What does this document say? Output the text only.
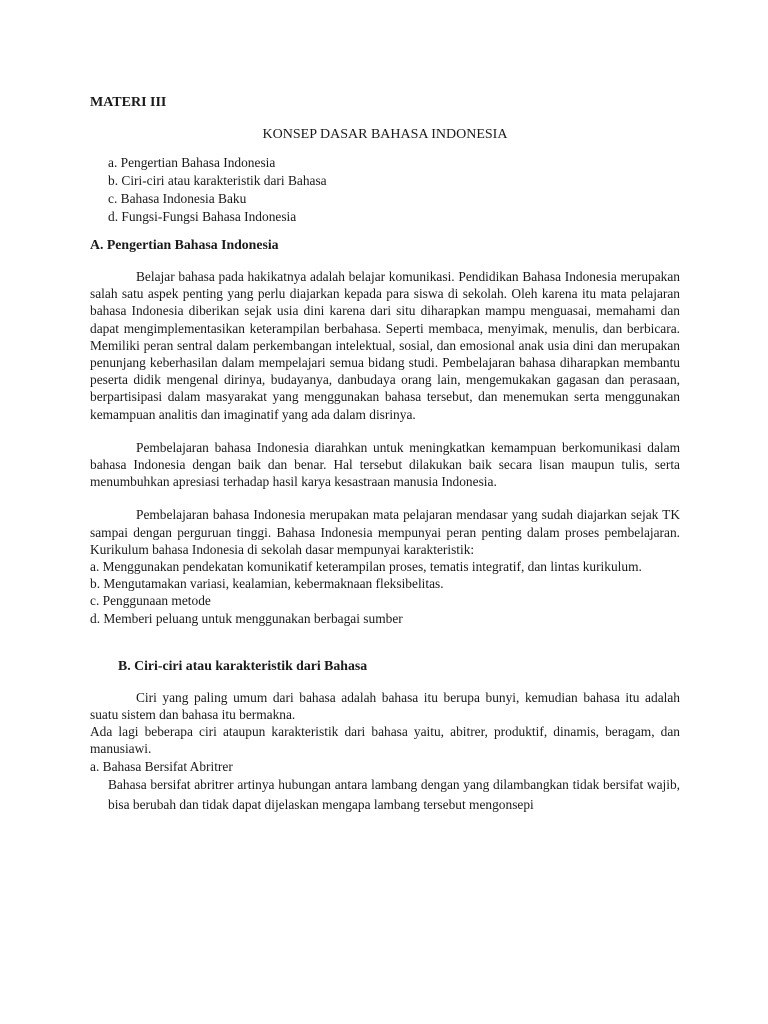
MATERI III
KONSEP DASAR BAHASA INDONESIA
a. Pengertian Bahasa Indonesia
b. Ciri-ciri atau karakteristik dari Bahasa
c. Bahasa Indonesia Baku
d. Fungsi-Fungsi Bahasa Indonesia
A. Pengertian Bahasa Indonesia

Belajar bahasa pada hakikatnya adalah belajar komunikasi. Pendidikan Bahasa Indonesia merupakan salah satu aspek penting yang perlu diajarkan kepada para siswa di sekolah. Oleh karena itu mata pelajaran bahasa Indonesia diberikan sejak usia dini karena dari situ diharapkan mampu menguasai, memahami dan dapat mengimplementasikan keterampilan berbahasa. Seperti membaca, menyimak, menulis, dan berbicara. Memiliki peran sentral dalam perkembangan intelektual, sosial, dan emosional anak usia dini dan merupakan penunjang keberhasilan dalam mempelajari semua bidang studi. Pembelajaran bahasa diharapkan membantu peserta didik mengenal dirinya, budayanya, danbudaya orang lain, mengemukakan gagasan dan perasaan, berpartisipasi dalam masyarakat yang menggunakan bahasa tersebut, dan menemukan serta menggunakan kemampuan analitis dan imaginatif yang ada dalam disrinya.

Pembelajaran bahasa Indonesia diarahkan untuk meningkatkan kemampuan berkomunikasi dalam bahasa Indonesia dengan baik dan benar. Hal tersebut dilakukan baik secara lisan maupun tulis, serta menumbuhkan apresiasi terhadap hasil karya kesastraan manusia Indonesia.

Pembelajaran bahasa Indonesia merupakan mata pelajaran mendasar yang sudah diajarkan sejak TK sampai dengan perguruan tinggi. Bahasa Indonesia mempunyai peran penting dalam proses pembelajaran. Kurikulum bahasa Indonesia di sekolah dasar mempunyai karakteristik:

a. Menggunakan pendekatan komunikatif keterampilan proses, tematis integratif, dan lintas kurikulum.

b. Mengutamakan variasi, kealamian, kebermaknaan fleksibelitas.

c. Penggunaan metode

d. Memberi peluang untuk menggunakan berbagai sumber

B. Ciri-ciri atau karakteristik dari Bahasa

Ciri yang paling umum dari bahasa adalah bahasa itu berupa bunyi, kemudian bahasa itu adalah suatu sistem dan bahasa itu bermakna.

Ada lagi beberapa ciri ataupun karakteristik dari bahasa yaitu, abitrer, produktif, dinamis, beragam, dan manusiawi.

a. Bahasa Bersifat Abritrer

Bahasa bersifat abritrer artinya hubungan antara lambang dengan yang dilambangkan tidak bersifat wajib, bisa berubah dan tidak dapat dijelaskan mengapa lambang tersebut mengonsepi
